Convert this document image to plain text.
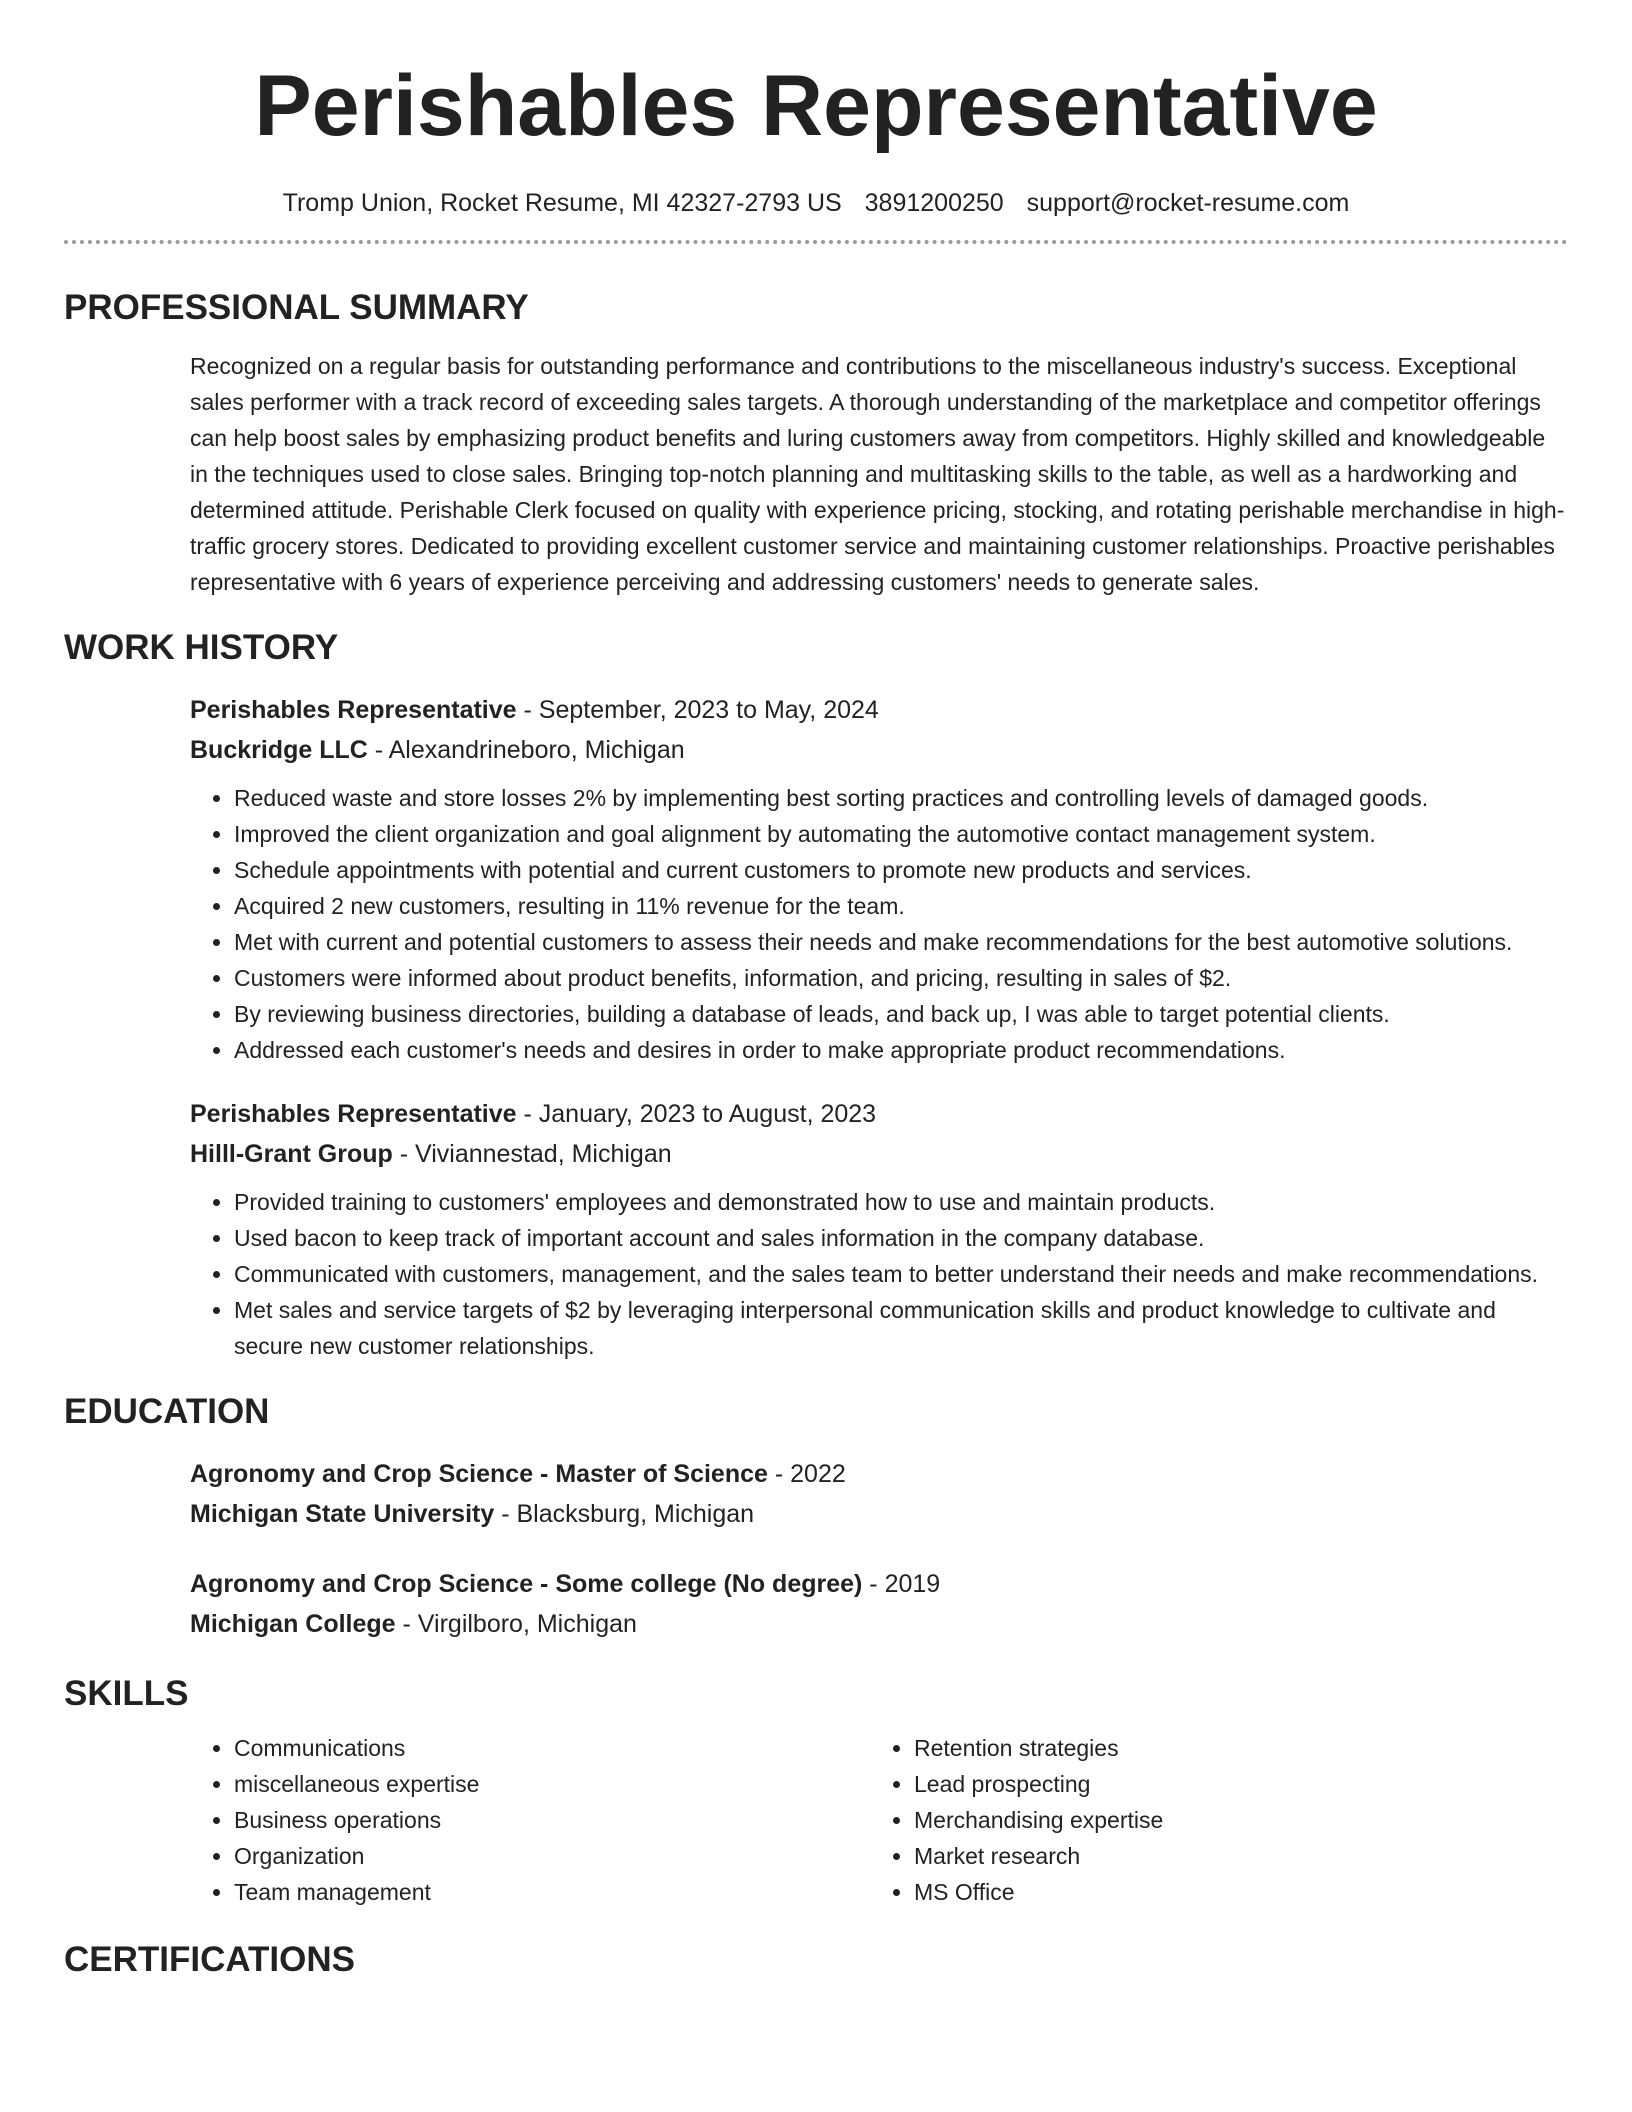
Perishables Representative
Tromp Union, Rocket Resume, MI 42327-2793 US 3891200250 support@rocket-resume.com
PROFESSIONAL SUMMARY

Recognized on a regular basis for outstanding performance and contributions to the miscellaneous industry's success. Exceptional sales performer with a track record of exceeding sales targets. A thorough understanding of the marketplace and competitor offerings can help boost sales by emphasizing product benefits and luring customers away from competitors. Highly skilled and knowledgeable in the techniques used to close sales. Bringing top-notch planning and multitasking skills to the table, as well as a hardworking and determined attitude. Perishable Clerk focused on quality with experience pricing, stocking, and rotating perishable merchandise in high-traffic grocery stores. Dedicated to providing excellent customer service and maintaining customer relationships. Proactive perishables representative with 6 years of experience perceiving and addressing customers' needs to generate sales.

WORK HISTORY
Perishables Representative - September, 2023 to May, 2024
Buckridge LLC - Alexandrineboro, Michigan
• Reduced waste and store losses 2% by implementing best sorting practices and controlling levels of damaged goods.
• Improved the client organization and goal alignment by automating the automotive contact management system.
• Schedule appointments with potential and current customers to promote new products and services.
• Acquired 2 new customers, resulting in 11% revenue for the team.
• Met with current and potential customers to assess their needs and make recommendations for the best automotive solutions.
• Customers were informed about product benefits, information, and pricing, resulting in sales of $2.
• By reviewing business directories, building a database of leads, and back up, I was able to target potential clients.
• Addressed each customer's needs and desires in order to make appropriate product recommendations.
Perishables Representative - January, 2023 to August, 2023
Hilll-Grant Group - Viviannestad, Michigan
• Provided training to customers' employees and demonstrated how to use and maintain products.
• Used bacon to keep track of important account and sales information in the company database.
• Communicated with customers, management, and the sales team to better understand their needs and make recommendations.
• Met sales and service targets of $2 by leveraging interpersonal communication skills and product knowledge to cultivate and secure new customer relationships.
EDUCATION
Agronomy and Crop Science - Master of Science - 2022
Michigan State University - Blacksburg, Michigan
Agronomy and Crop Science - Some college (No degree) - 2019
Michigan College - Virgilboro, Michigan
SKILLS
• Communications
• miscellaneous expertise
• Business operations
• Organization
• Team management
• Retention strategies
• Lead prospecting
• Merchandising expertise
• Market research
• MS Office
CERTIFICATIONS
